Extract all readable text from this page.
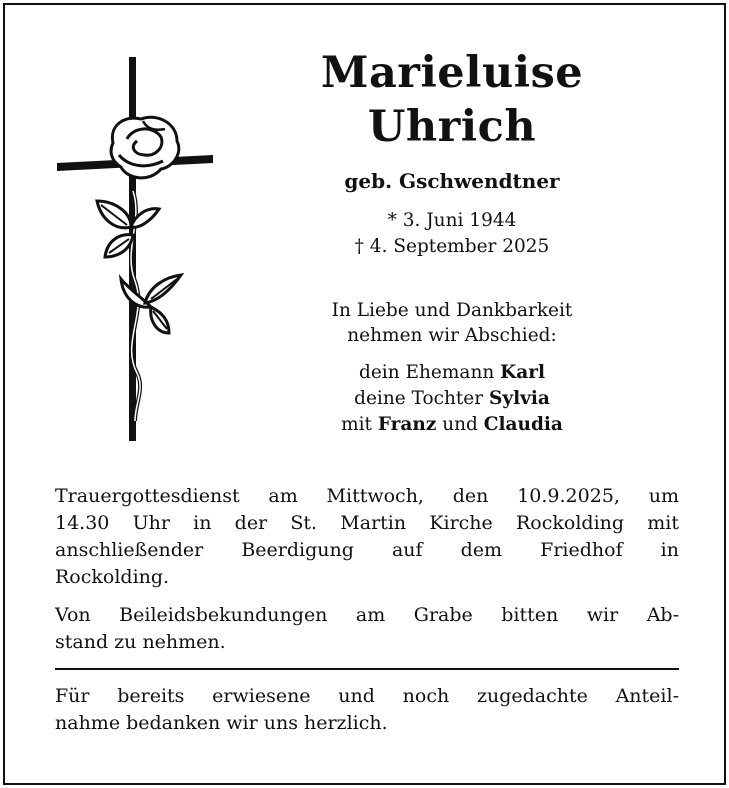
Marieluise
Uhrich
geb. Gschwendtner
* 3. Juni 1944
† 4. September 2025
In Liebe und Dankbarkeit
nehmen wir Abschied:
dein Ehemann Karl
deine Tochter Sylvia
mit Franz und Claudia
Trauergottesdienst am Mittwoch, den 10.9.2025, um
14.30 Uhr in der St. Martin Kirche Rockolding mit
anschließender Beerdigung auf dem Friedhof in
Rockolding.
Von Beileidsbekundungen am Grabe bitten wir Ab-
stand zu nehmen.
Für bereits erwiesene und noch zugedachte Anteil-
nahme bedanken wir uns herzlich.
